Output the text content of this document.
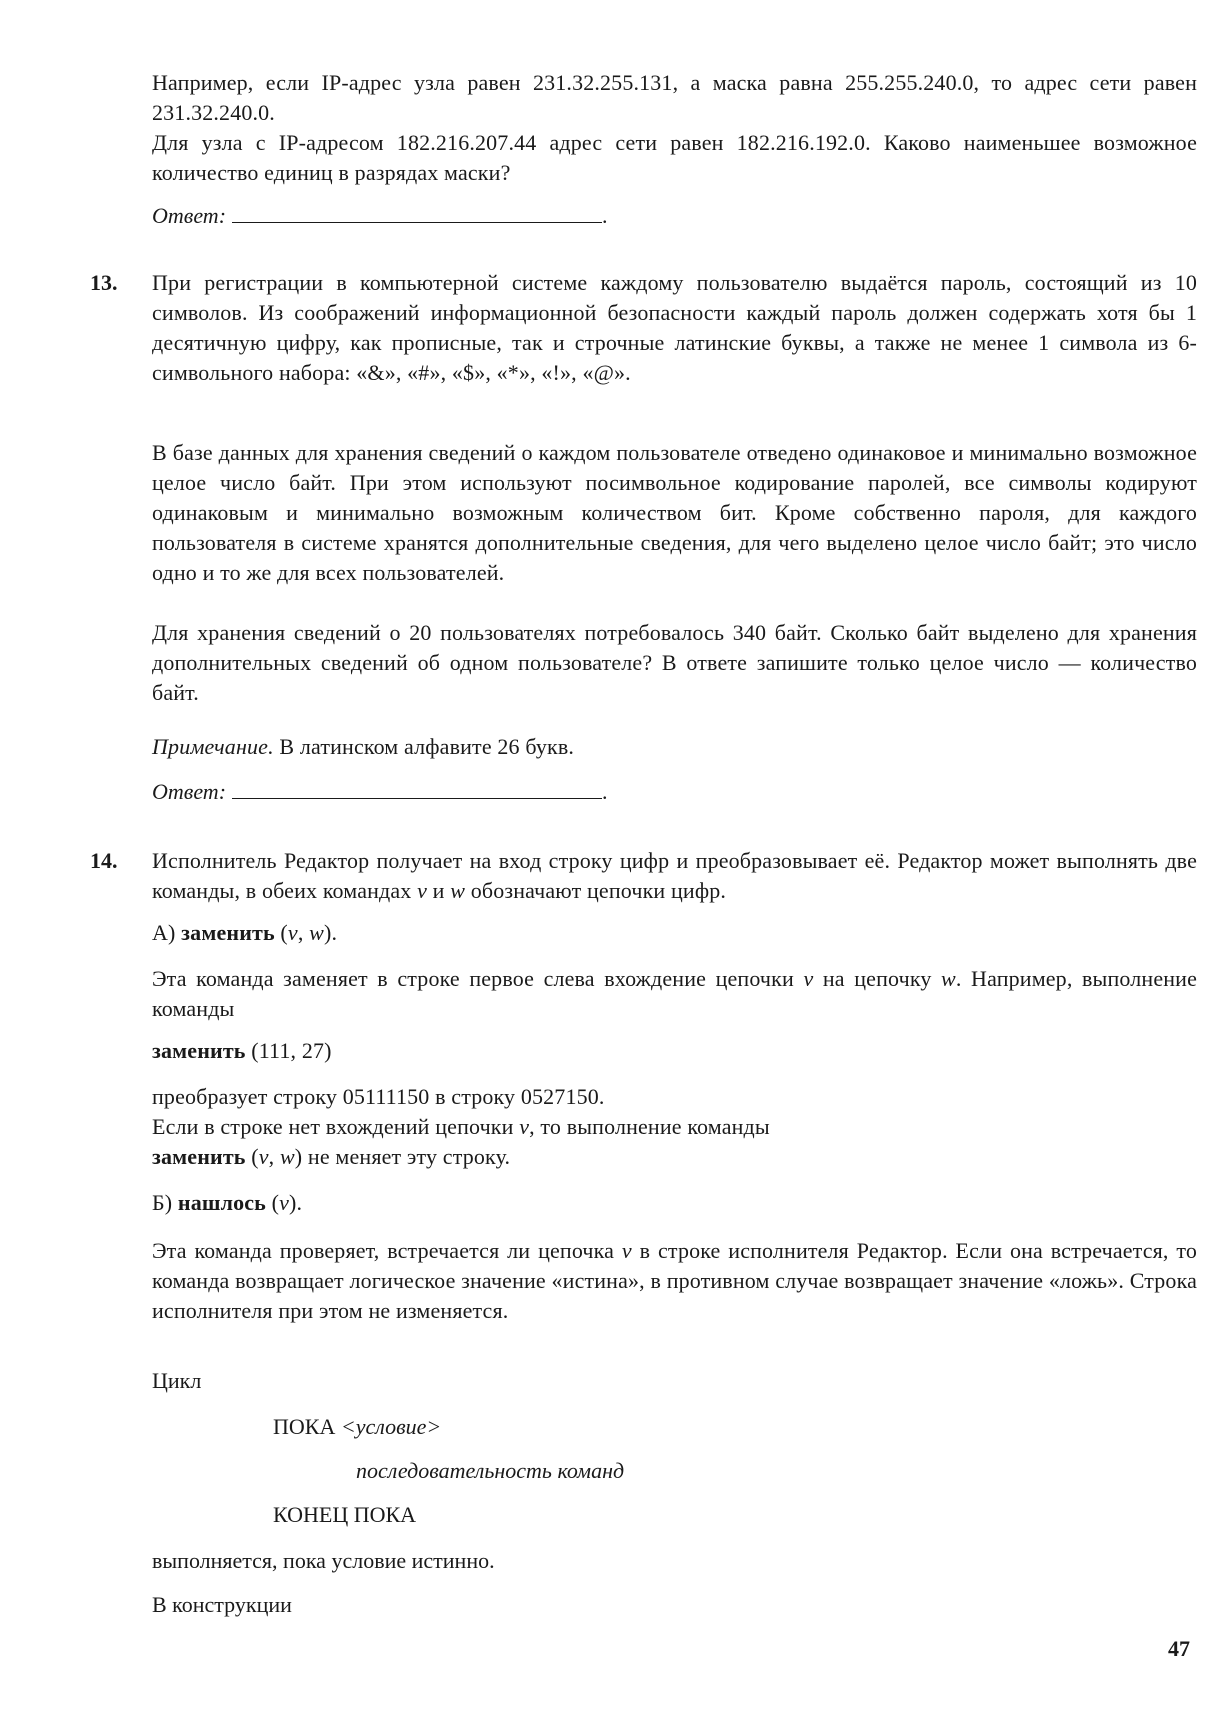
Например, если IP-адрес узла равен 231.32.255.131, а маска равна 255.255.240.0, то адрес сети равен 231.32.240.0.

Для узла с IP-адресом 182.216.207.44 адрес сети равен 182.216.192.0. Каково наименьшее возможное количество единиц в разрядах маски?

Ответ:	.
13. При регистрации в компьютерной системе каждому пользователю выдаётся пароль, состоящий из 10 символов. Из соображений информационной безопасности каждый пароль должен содержать хотя бы 1 десятичную цифру, как прописные, так и строчные латинские буквы, а также не менее 1 символа из 6-символьного набора: «&», «#», «$», «*», «!», «@».

В базе данных для хранения сведений о каждом пользователе отведено одинаковое и минимально возможное целое число байт. При этом используют посимвольное кодирование паролей, все символы кодируют одинаковым и минимально возможным количеством бит. Кроме собственно пароля, для каждого пользователя в системе хранятся дополнительные сведения, для чего выделено целое число байт; это число одно и то же для всех пользователей.

Для хранения сведений о 20 пользователях потребовалось 340 байт. Сколько байт выделено для хранения дополнительных сведений об одном пользователе? В ответе запишите только целое число — количество байт.

Примечание. В латинском алфавите 26 букв.

Ответ:	.
14. Исполнитель Редактор получает на вход строку цифр и преобразовывает её. Редактор может выполнять две команды, в обеих командах v и w обозначают цепочки цифр.

А) заменить (v, w).

Эта команда заменяет в строке первое слева вхождение цепочки v на цепочку w. Например, выполнение команды

заменить (111, 27)

преобразует строку 05111150 в строку 0527150.

Если в строке нет вхождений цепочки v, то выполнение команды

заменить (v, w) не меняет эту строку.

Б) нашлось (v).

Эта команда проверяет, встречается ли цепочка v в строке исполнителя Редактор. Если она встречается, то команда возвращает логическое значение «истина», в противном случае возвращает значение «ложь». Строка исполнителя при этом не изменяется.

Цикл
ПОКА <условие>
последовательность команд
КОНЕЦ ПОКА
выполняется, пока условие истинно.
В конструкции
47
